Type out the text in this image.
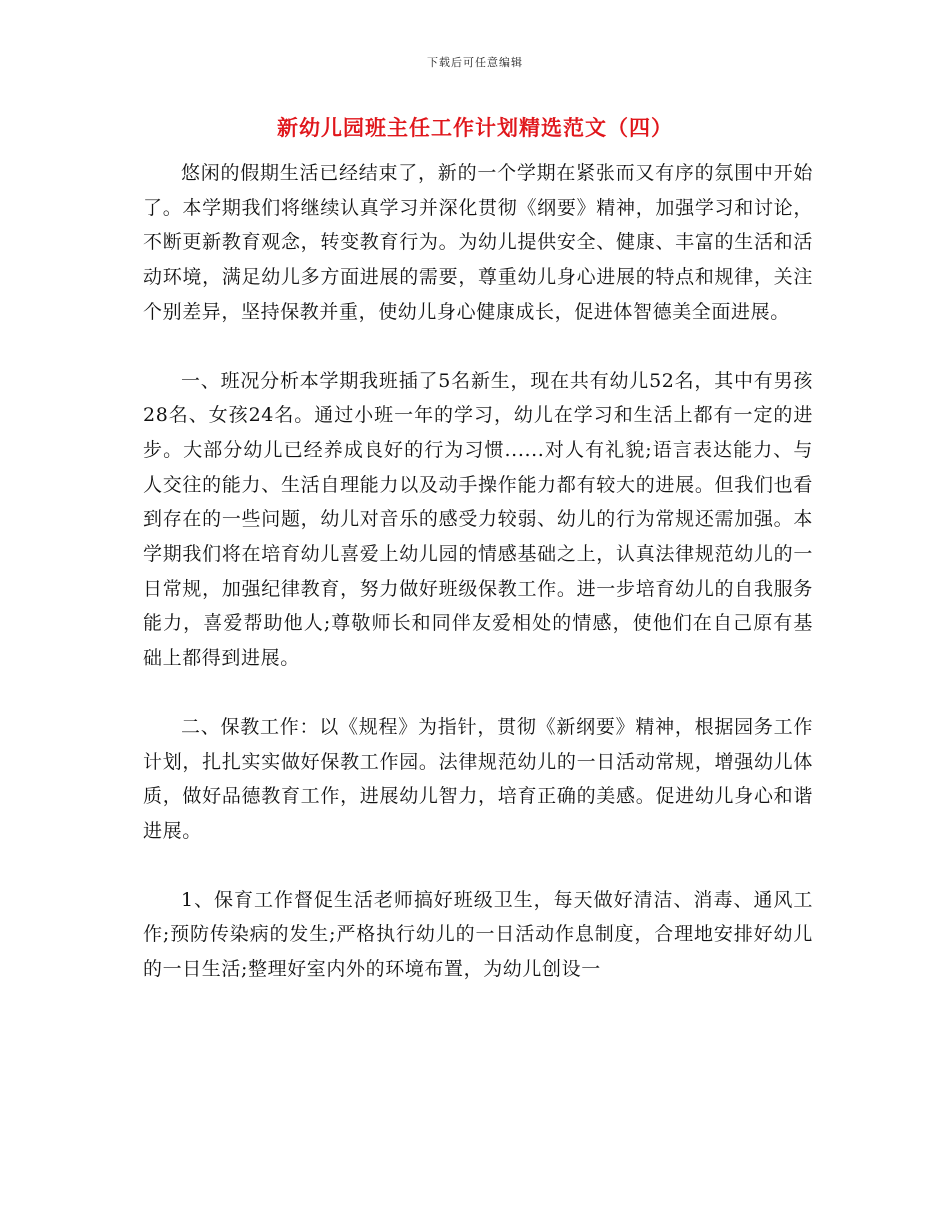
下载后可任意编辑
新幼儿园班主任工作计划精选范文（四）

悠闲的假期生活已经结束了，新的一个学期在紧张而又有序的氛围中开始了。本学期我们将继续认真学习并深化贯彻《纲要》精神，加强学习和讨论，不断更新教育观念，转变教育行为。为幼儿提供安全、健康、丰富的生活和活动环境，满足幼儿多方面进展的需要，尊重幼儿身心进展的特点和规律，关注个别差异，坚持保教并重，使幼儿身心健康成长，促进体智德美全面进展。

一、班况分析本学期我班插了5名新生，现在共有幼儿52名，其中有男孩28名、女孩24名。通过小班一年的学习，幼儿在学习和生活上都有一定的进步。大部分幼儿已经养成良好的行为习惯......对人有礼貌;语言表达能力、与人交往的能力、生活自理能力以及动手操作能力都有较大的进展。但我们也看到存在的一些问题，幼儿对音乐的感受力较弱、幼儿的行为常规还需加强。本学期我们将在培育幼儿喜爱上幼儿园的情感基础之上，认真法律规范幼儿的一日常规，加强纪律教育，努力做好班级保教工作。进一步培育幼儿的自我服务能力，喜爱帮助他人;尊敬师长和同伴友爱相处的情感，使他们在自己原有基础上都得到进展。

二、保教工作：以《规程》为指针，贯彻《新纲要》精神，根据园务工作计划，扎扎实实做好保教工作园。法律规范幼儿的一日活动常规，增强幼儿体质，做好品德教育工作，进展幼儿智力，培育正确的美感。促进幼儿身心和谐进展。

1、保育工作督促生活老师搞好班级卫生，每天做好清洁、消毒、通风工作;预防传染病的发生;严格执行幼儿的一日活动作息制度，合理地安排好幼儿的一日生活;整理好室内外的环境布置，为幼儿创设一
